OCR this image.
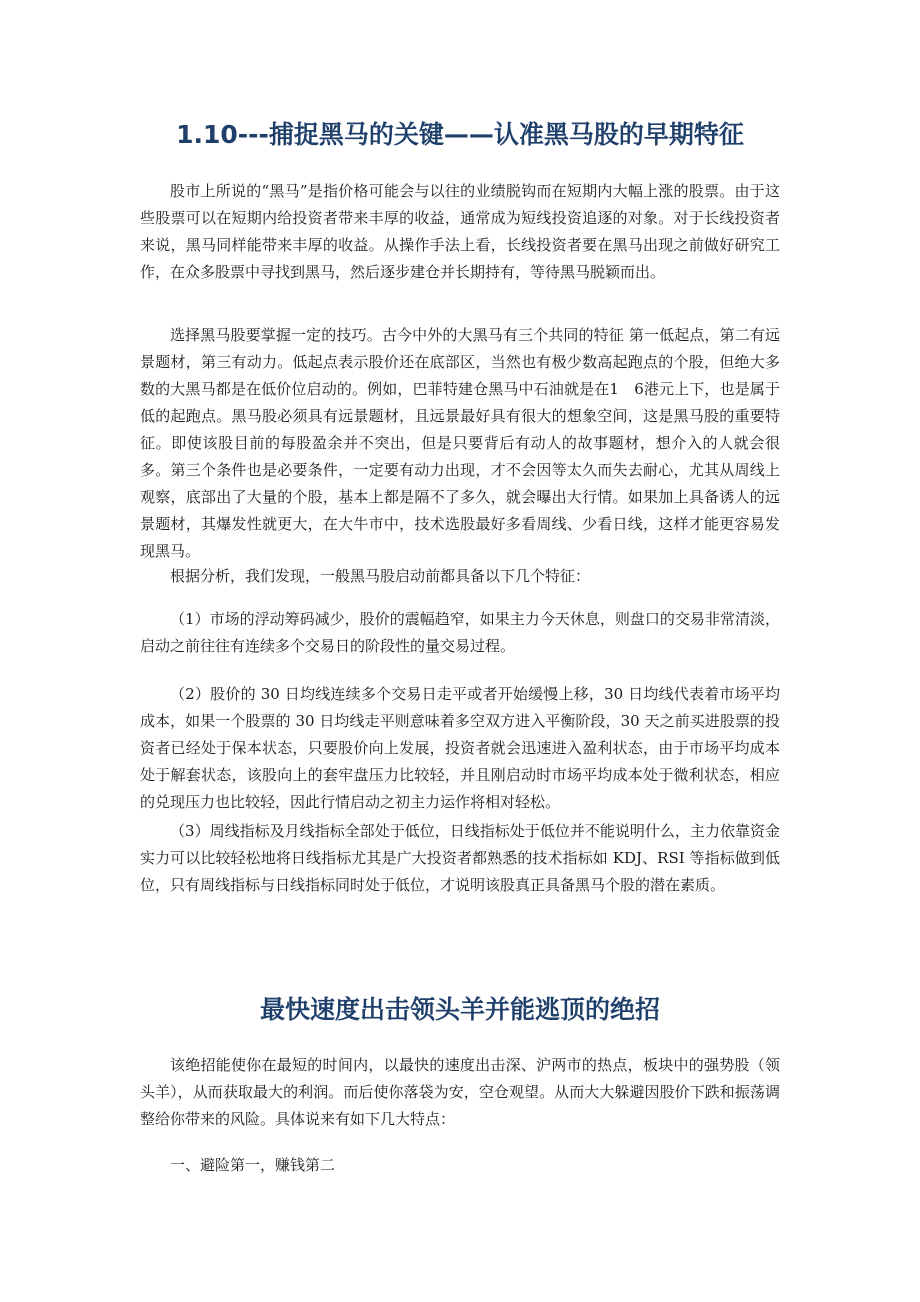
1.10---捕捉黑马的关键——认准黑马股的早期特征

股市上所说的“黑马”是指价格可能会与以往的业绩脱钩而在短期内大幅上涨的股票。由于这些股票可以在短期内给投资者带来丰厚的收益，通常成为短线投资追逐的对象。对于长线投资者来说，黑马同样能带来丰厚的收益。从操作手法上看，长线投资者要在黑马出现之前做好研究工作，在众多股票中寻找到黑马，然后逐步建仓并长期持有，等待黑马脱颖而出。

选择黑马股要掌握一定的技巧。古今中外的大黑马有三个共同的特征 第一低起点，第二有远景题材，第三有动力。低起点表示股价还在底部区，当然也有极少数高起跑点的个股，但绝大多数的大黑马都是在低价位启动的。例如，巴菲特建仓黑马中石油就是在1　6港元上下，也是属于低的起跑点。黑马股必须具有远景题材，且远景最好具有很大的想象空间，这是黑马股的重要特征。即使该股目前的每股盈余并不突出，但是只要背后有动人的故事题材，想介入的人就会很多。第三个条件也是必要条件，一定要有动力出现，才不会因等太久而失去耐心，尤其从周线上观察，底部出了大量的个股，基本上都是隔不了多久，就会曝出大行情。如果加上具备诱人的远景题材，其爆发性就更大，在大牛市中，技术选股最好多看周线、少看日线，这样才能更容易发现黑马。

根据分析，我们发现，一般黑马股启动前都具备以下几个特征：

（1）市场的浮动筹码减少，股价的震幅趋窄，如果主力今天休息，则盘口的交易非常清淡，启动之前往往有连续多个交易日的阶段性的量交易过程。

（2）股价的 30 日均线连续多个交易日走平或者开始缓慢上移，30 日均线代表着市场平均成本，如果一个股票的 30 日均线走平则意味着多空双方进入平衡阶段，30 天之前买进股票的投资者已经处于保本状态，只要股价向上发展，投资者就会迅速进入盈利状态，由于市场平均成本处于解套状态，该股向上的套牢盘压力比较轻，并且刚启动时市场平均成本处于微利状态，相应的兑现压力也比较轻，因此行情启动之初主力运作将相对轻松。

（3）周线指标及月线指标全部处于低位，日线指标处于低位并不能说明什么，主力依靠资金实力可以比较轻松地将日线指标尤其是广大投资者都熟悉的技术指标如 KDJ、RSI 等指标做到低位，只有周线指标与日线指标同时处于低位，才说明该股真正具备黑马个股的潜在素质。

最快速度出击领头羊并能逃顶的绝招

该绝招能使你在最短的时间内，以最快的速度出击深、沪两市的热点，板块中的强势股（领头羊），从而获取最大的利润。而后使你落袋为安，空仓观望。从而大大躲避因股价下跌和振荡调整给你带来的风险。具体说来有如下几大特点：

一、避险第一，赚钱第二
